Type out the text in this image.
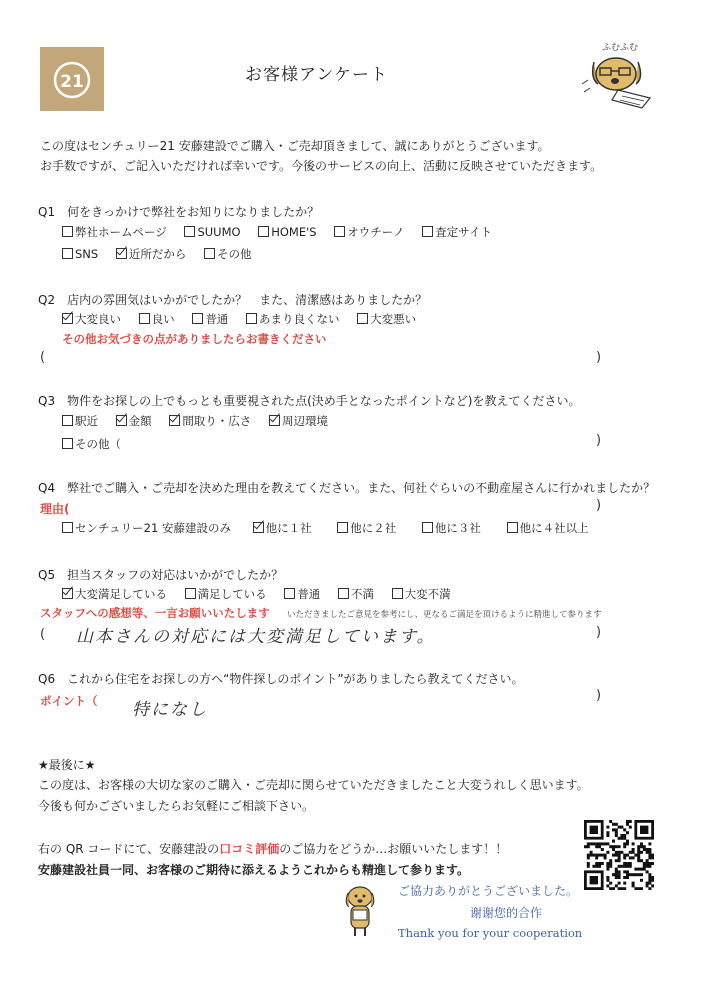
21	お客様アンケート
ふむふむ
この度はセンチュリー21 安藤建設でご購入・ご売却頂きまして、誠にありがとうございます。
お手数ですが、ご記入いただければ幸いです。今後のサービスの向上、活動に反映させていただきます。
Q1　 何をきっかけで弊社をお知りになりましたか？
弊社ホームページ	SUUMO	HOME'S	オウチーノ	査定サイト
SNS	近所だから	その他
Q2　 店内の雰囲気はいかがでしたか？　また、清潔感はありましたか？
大変良い	良い	普通	あまり良くない	大変悪い
その他お気づきの点がありましたらお書きください
(	)
Q3　 物件をお探しの上でもっとも重要視された点(決め手となったポイントなど)を教えてください。
駅近	金額	間取り・広さ	周辺環境
その他（	)
Q4　 弊社でご購入・ご売却を決めた理由を教えてください。また、何社ぐらいの不動産屋さんに行かれましたか？
理由(	)
センチュリー21 安藤建設のみ	他に１社	他に２社	他に３社	他に４社以上
Q5　 担当スタッフの対応はいかがでしたか？
大変満足している	満足している	普通	不満	大変不満
スタッフへの感想等、一言お願いいたします いただきましたご意見を参考にし、更なるご満足を頂けるように精進して参ります
( 山本さんの対応には大変満足しています。	)
Q6　 これから住宅をお探しの方へ“物件探しのポイント”がありましたら教えてください。
ポイント（ 特になし
)
★最後に★
この度は、お客様の大切な家のご購入・ご売却に関らせていただきましたこと大変うれしく思います。
今後も何かございましたらお気軽にご相談下さい。
右の QR コードにて、安藤建設の口コミ評価のご協力をどうか…お願いいたします！！
安藤建設社員一同、お客様のご期待に添えるようこれからも精進して参ります。
ご協力ありがとうございました。
谢谢您的合作
Thank you for your cooperation
